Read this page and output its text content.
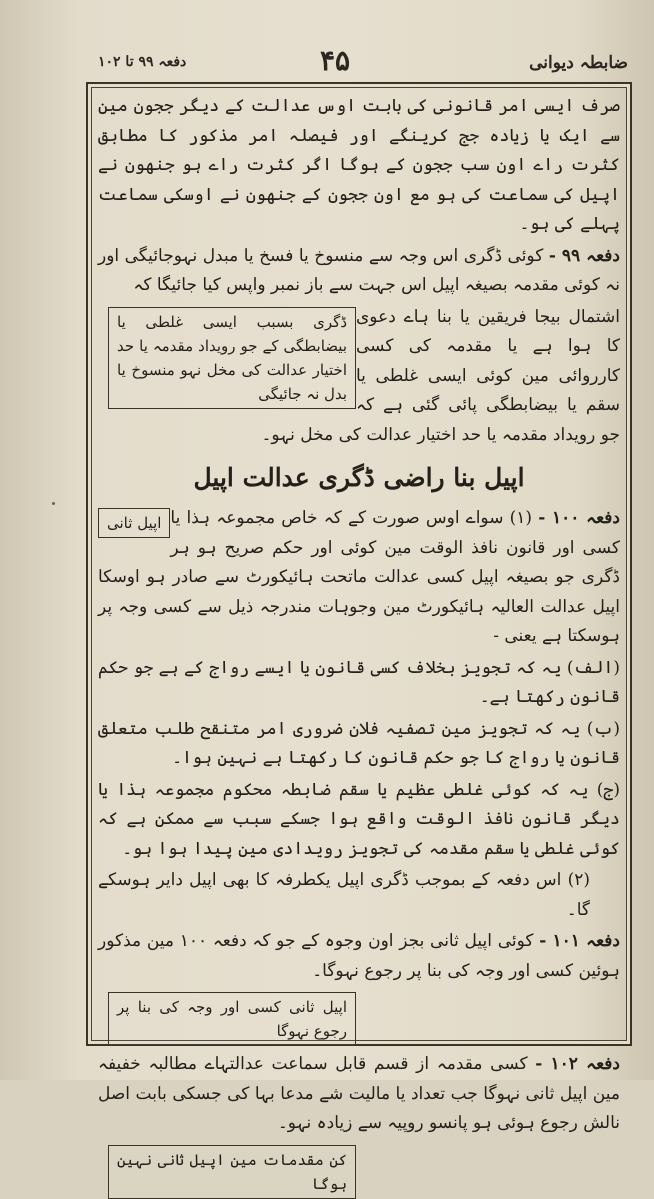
ضابطہ دیوانی
۴۵
دفعہ ۹۹ تا ۱۰۲

صرف ایسی امر قانونی کی بابت اوس عدالت کے دیگر ججون مین سے ایک یا زیادہ جج کرینگے اور فیصلہ امر مذکور کا مطابق کثرت راے اون سب ججون کے ہوگا اگر کثرت راے ہو جنھون نے اپیل کی سماعت کی ہو مع اون ججون کے جنھون نے اوسکی سماعت پہلے کی ہو۔

دفعہ ۹۹ - کوئی ڈگری اس وجہ سے منسوخ یا فسخ یا مبدل نہوجائیگی اور نہ کوئی مقدمہ بصیغہ اپیل اس جہت سے باز نمبر واپس کیا جائیگا کہ

ڈگری بسبب ایسی غلطی یا بیضابطگی کے جو رویداد مقدمہ یا حد اختیار عدالت کی مخل نہو منسوخ یا بدل نہ جائیگی

اشتمال بیجا فریقین یا بنا ہاے دعوی کا ہوا ہے یا مقدمہ کی کسی کارروائی مین کوئی ایسی غلطی یا سقم یا بیضابطگی پائی گئی ہے کہ جو رویداد مقدمہ یا حد اختیار عدالت کی مخل نہو۔

اپیل بنا راضی ڈگری عدالت اپیل

دفعہ ۱۰۰ -
اپیل ثانی (۱) سواے اوس صورت کے کہ خاص مجموعہ ہذا یا کسی اور قانون نافذ الوقت مین کوئی اور حکم صریح ہو ہر ڈگری جو بصیغہ اپیل کسی عدالت ماتحت ہائیکورٹ سے صادر ہو اوسکا اپیل عدالت العالیہ ہائیکورٹ مین وجوہات مندرجہ ذیل سے کسی وجہ پر ہوسکتا ہے یعنی -

(الف) یہ کہ تجویز بخلاف کسی قانون یا ایسے رواج کے ہے جو حکم قانون رکھتا ہے۔

(ب) یہ کہ تجویز مین تصفیہ فلان ضروری امر متنقح طلب متعلق قانون یا رواج کا جو حکم قانون کا رکھتا ہے نہین ہوا۔

(ج) یہ کہ کوئی غلطی عظیم یا سقم ضابطہ محکوم مجموعہ ہذا یا دیگر قانون نافذ الوقت واقع ہوا جسکے سبب سے ممکن ہے کہ کوئی غلطی یا سقم مقدمہ کی تجویز رویدادی مین پیدا ہوا ہو۔

(۲) اس دفعہ کے بموجب ڈگری اپیل یکطرفہ کا بھی اپیل دایر ہوسکے گا۔

دفعہ ۱۰۱ - کوئی اپیل ثانی بجز اون وجوہ کے جو کہ دفعہ ۱۰۰ مین مذکور ہوئین کسی اور وجہ کی بنا پر رجوع نہوگا۔

اپیل ثانی کسی اور وجہ کی بنا پر رجوع نہوگا

دفعہ ۱۰۲ - کسی مقدمہ از قسم قابل سماعت عدالتہاے مطالبہ خفیفہ مین اپیل ثانی نہوگا جب تعداد یا مالیت شے مدعا بہا کی جسکی بابت اصل نالش رجوع ہوئی ہو پانسو روپیہ سے زیادہ نہو۔

کن مقدمات مین اپیل ثانی نہین ہوگا
